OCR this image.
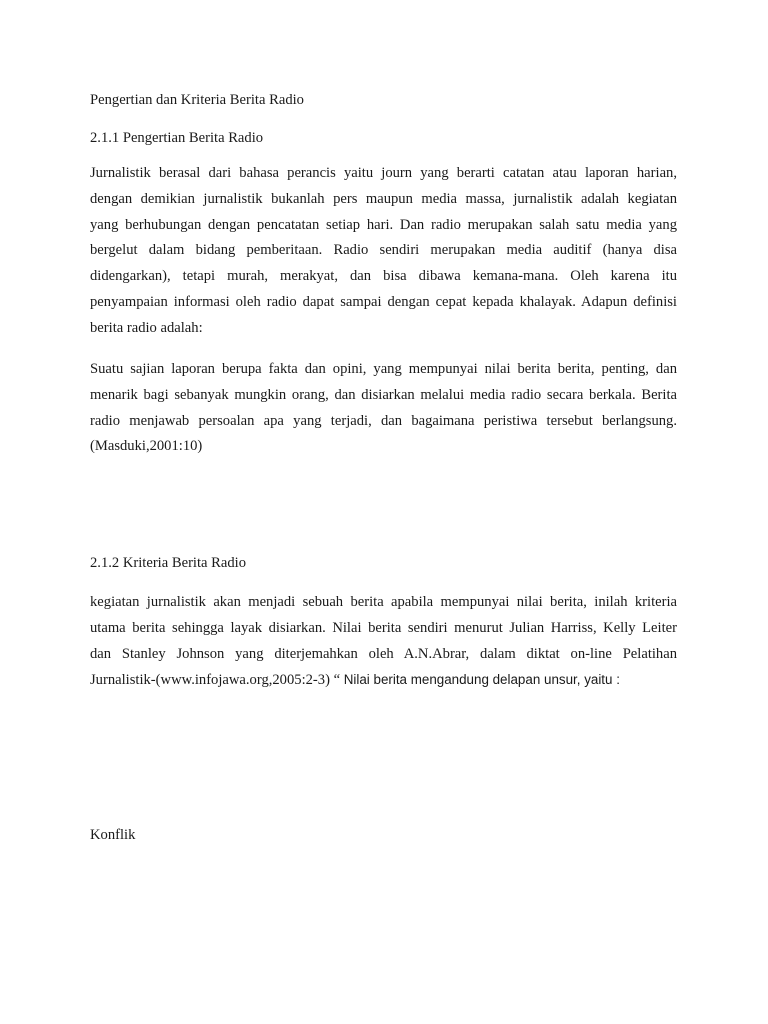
Pengertian dan Kriteria Berita Radio
2.1.1 Pengertian Berita Radio
Jurnalistik berasal dari bahasa perancis yaitu journ yang berarti catatan atau laporan harian,
dengan demikian jurnalistik bukanlah pers maupun media massa, jurnalistik adalah kegiatan
yang berhubungan dengan pencatatan setiap hari. Dan radio merupakan salah satu media yang
bergelut dalam bidang pemberitaan. Radio sendiri merupakan media auditif (hanya disa
didengarkan), tetapi murah, merakyat, dan bisa dibawa kemana-mana. Oleh karena itu
penyampaian informasi oleh radio dapat sampai dengan cepat kepada khalayak. Adapun definisi
berita radio adalah:
Suatu sajian laporan berupa fakta dan opini, yang mempunyai nilai berita berita, penting, dan
menarik bagi sebanyak mungkin orang, dan disiarkan melalui media radio secara berkala. Berita
radio menjawab persoalan apa yang terjadi, dan bagaimana peristiwa tersebut berlangsung.
(Masduki,2001:10)
2.1.2 Kriteria Berita Radio
kegiatan jurnalistik akan menjadi sebuah berita apabila mempunyai nilai berita, inilah kriteria
utama berita sehingga layak disiarkan. Nilai berita sendiri menurut Julian Harriss, Kelly Leiter
dan Stanley Johnson yang diterjemahkan oleh A.N.Abrar, dalam diktat on-line Pelatihan
Jurnalistik-(www.infojawa.org,2005:2-3) “ Nilai berita mengandung delapan unsur, yaitu :
Konflik
